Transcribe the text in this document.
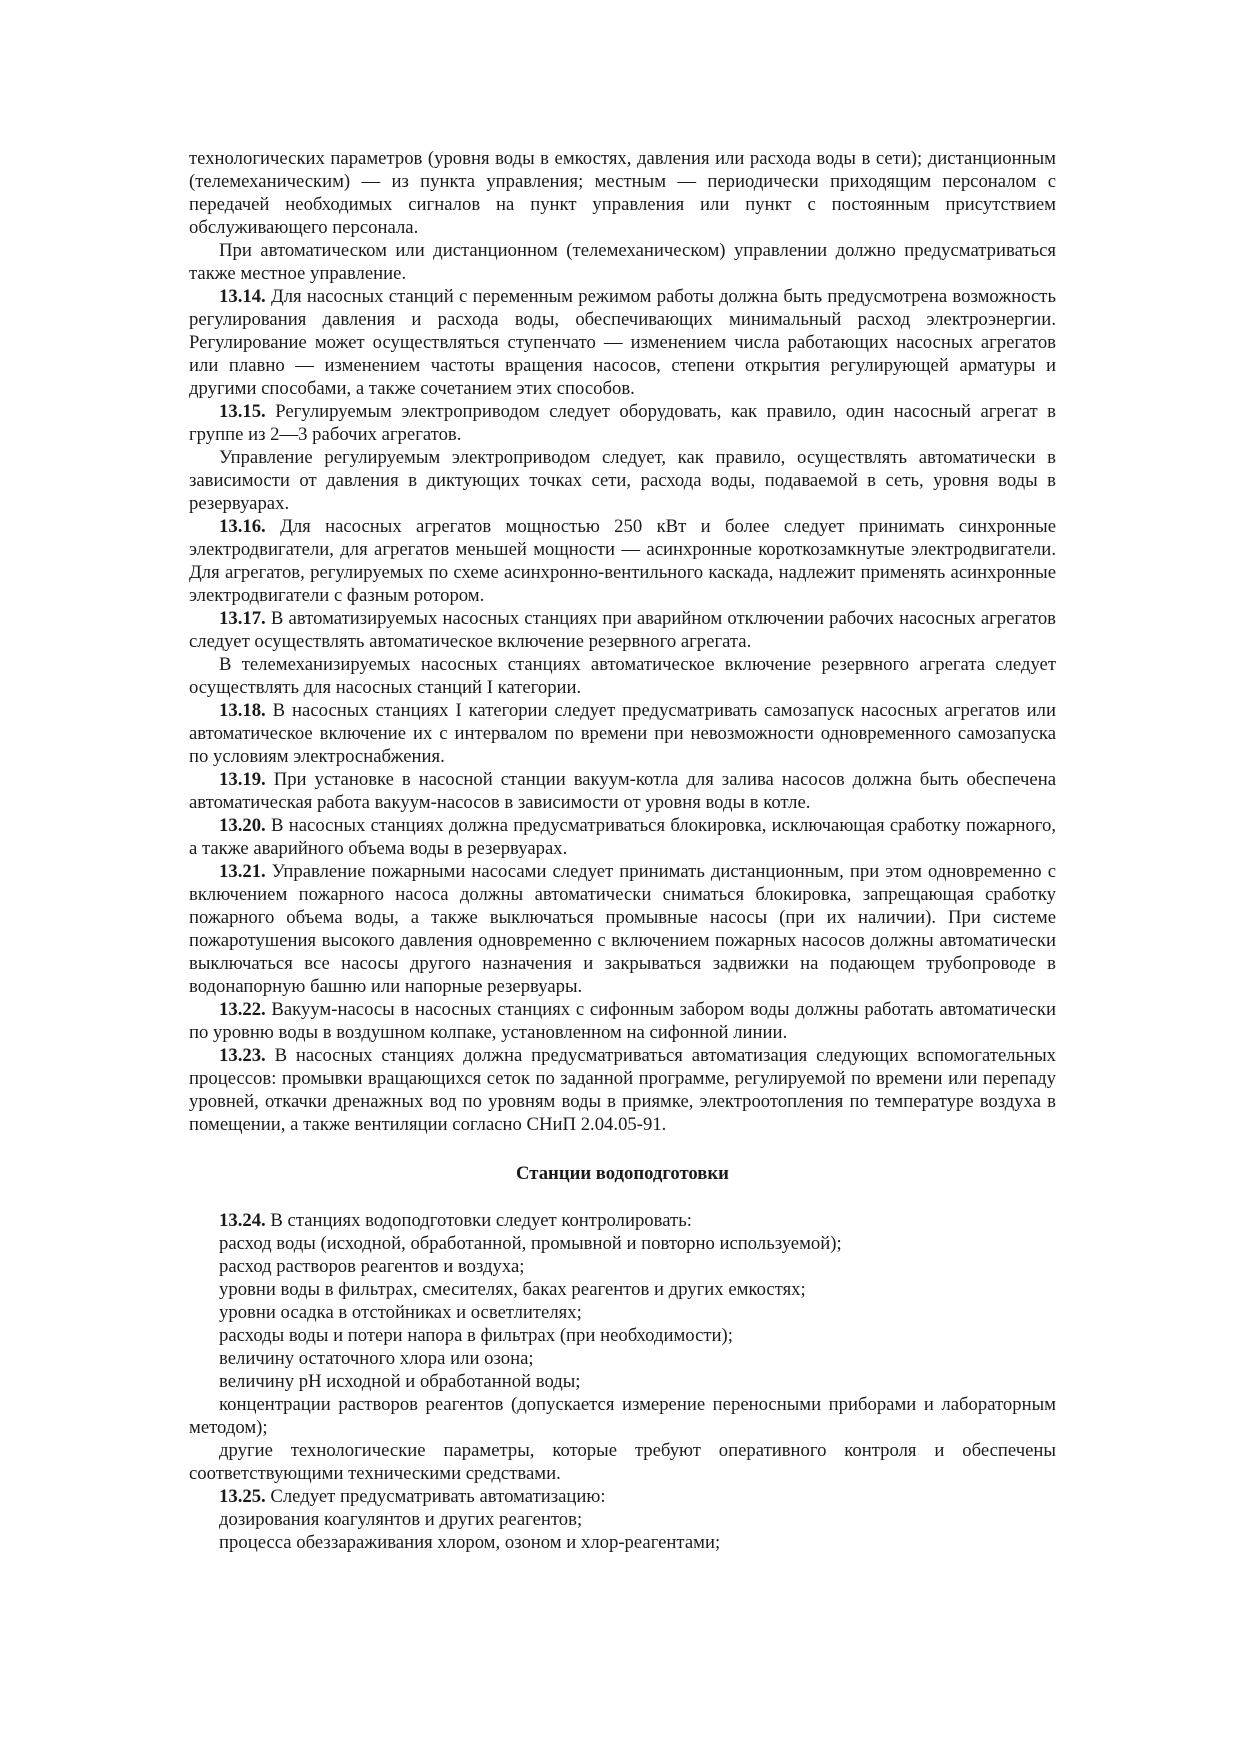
технологических параметров (уровня воды в емкостях, давления или расхода воды в сети); дистанционным (телемеханическим) — из пункта управления; местным — периодически приходящим персоналом с передачей необходимых сигналов на пункт управления или пункт с постоянным присутствием обслуживающего персонала.

При автоматическом или дистанционном (телемеханическом) управлении должно предусматриваться также местное управление.

13.14. Для насосных станций с переменным режимом работы должна быть предусмотрена возможность регулирования давления и расхода воды, обеспечивающих минимальный расход электроэнергии. Регулирование может осуществляться ступенчато — изменением числа работающих насосных агрегатов или плавно — изменением частоты вращения насосов, степени открытия регулирующей арматуры и другими способами, а также сочетанием этих способов.

13.15. Регулируемым электроприводом следует оборудовать, как правило, один насосный агрегат в группе из 2—3 рабочих агрегатов.

Управление регулируемым электроприводом следует, как правило, осуществлять автоматически в зависимости от давления в диктующих точках сети, расхода воды, подаваемой в сеть, уровня воды в резервуарах.

13.16. Для насосных агрегатов мощностью 250 кВт и более следует принимать синхронные электродвигатели, для агрегатов меньшей мощности — асинхронные короткозамкнутые электродвигатели. Для агрегатов, регулируемых по схеме асинхронно-вентильного каскада, надлежит применять асинхронные электродвигатели с фазным ротором.

13.17. В автоматизируемых насосных станциях при аварийном отключении рабочих насосных агрегатов следует осуществлять автоматическое включение резервного агрегата.

В телемеханизируемых насосных станциях автоматическое включение резервного агрегата следует осуществлять для насосных станций I категории.

13.18. В насосных станциях I категории следует предусматривать самозапуск насосных агрегатов или автоматическое включение их с интервалом по времени при невозможности одновременного самозапуска по условиям электроснабжения.

13.19. При установке в насосной станции вакуум-котла для залива насосов должна быть обеспечена автоматическая работа вакуум-насосов в зависимости от уровня воды в котле.

13.20. В насосных станциях должна предусматриваться блокировка, исключающая сработку пожарного, а также аварийного объема воды в резервуарах.

13.21. Управление пожарными насосами следует принимать дистанционным, при этом одновременно с включением пожарного насоса должны автоматически сниматься блокировка, запрещающая сработку пожарного объема воды, а также выключаться промывные насосы (при их наличии). При системе пожаротушения высокого давления одновременно с включением пожарных насосов должны автоматически выключаться все насосы другого назначения и закрываться задвижки на подающем трубопроводе в водонапорную башню или напорные резервуары.

13.22. Вакуум-насосы в насосных станциях с сифонным забором воды должны работать автоматически по уровню воды в воздушном колпаке, установленном на сифонной линии.

13.23. В насосных станциях должна предусматриваться автоматизация следующих вспомогательных процессов: промывки вращающихся сеток по заданной программе, регулируемой по времени или перепаду уровней, откачки дренажных вод по уровням воды в приямке, электроотопления по температуре воздуха в помещении, а также вентиляции согласно СНиП 2.04.05-91.

Станции водоподготовки

13.24. В станциях водоподготовки следует контролировать:

расход воды (исходной, обработанной, промывной и повторно используемой);

расход растворов реагентов и воздуха;

уровни воды в фильтрах, смесителях, баках реагентов и других емкостях;

уровни осадка в отстойниках и осветлителях;

расходы воды и потери напора в фильтрах (при необходимости);

величину остаточного хлора или озона;

величину pH исходной и обработанной воды;

концентрации растворов реагентов (допускается измерение переносными приборами и лабораторным методом);

другие технологические параметры, которые требуют оперативного контроля и обеспечены соответствующими техническими средствами.

13.25. Следует предусматривать автоматизацию:

дозирования коагулянтов и других реагентов;

процесса обеззараживания хлором, озоном и хлор-реагентами;
